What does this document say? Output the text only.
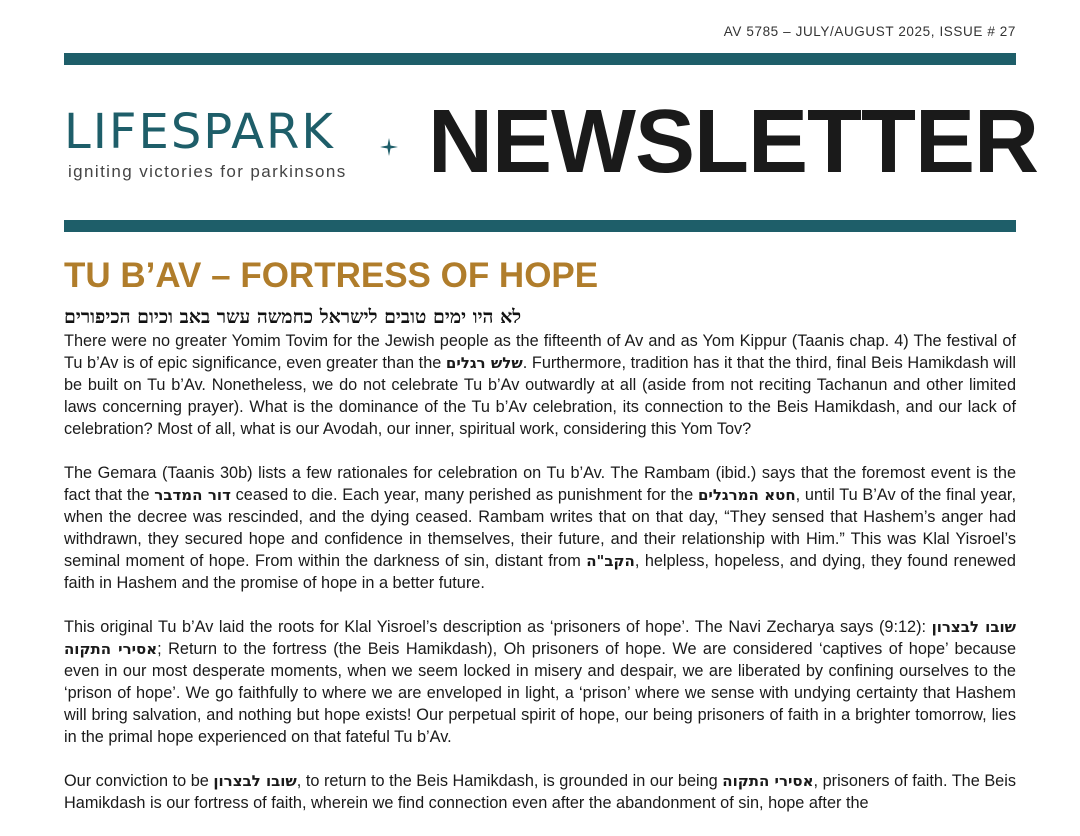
AV 5785 – JULY/AUGUST 2025, ISSUE # 27
LIFESPARK
igniting victories for parkinsons NEWSLETTER
TU B’AV – FORTRESS OF HOPE
לא היו ימים טובים לישראל כחמשה עשר באב וכיום הכיפורים

There were no greater Yomim Tovim for the Jewish people as the fifteenth of Av and as Yom Kippur (Taanis chap. 4) The festival of Tu b’Av is of epic significance, even greater than the שלש רגלים. Furthermore, tradition has it that the third, final Beis Hamikdash will be built on Tu b’Av. Nonetheless, we do not celebrate Tu b’Av outwardly at all (aside from not reciting Tachanun and other limited laws concerning prayer). What is the dominance of the Tu b’Av celebration, its connection to the Beis Hamikdash, and our lack of celebration? Most of all, what is our Avodah, our inner, spiritual work, considering this Yom Tov?

The Gemara (Taanis 30b) lists a few rationales for celebration on Tu b’Av. The Rambam (ibid.) says that the foremost event is the fact that the דור המדבר ceased to die. Each year, many perished as punishment for the חטא המרגלים, until Tu B’Av of the final year, when the decree was rescinded, and the dying ceased. Rambam writes that on that day, “They sensed that Hashem’s anger had withdrawn, they secured hope and confidence in themselves, their future, and their relationship with Him.” This was Klal Yisroel’s seminal moment of hope. From within the darkness of sin, distant from הקב"ה, helpless, hopeless, and dying, they found renewed faith in Hashem and the promise of hope in a better future.

This original Tu b’Av laid the roots for Klal Yisroel’s description as ‘prisoners of hope’. The Navi Zecharya says (9:12): שובו לבצרון אסירי התקוה; Return to the fortress (the Beis Hamikdash), Oh prisoners of hope. We are considered ‘captives of hope’ because even in our most desperate moments, when we seem locked in misery and despair, we are liberated by confining ourselves to the ‘prison of hope’. We go faithfully to where we are enveloped in light, a ‘prison’ where we sense with undying certainty that Hashem will bring salvation, and nothing but hope exists! Our perpetual spirit of hope, our being prisoners of faith in a brighter tomorrow, lies in the primal hope experienced on that fateful Tu b’Av.

Our conviction to be שובו לבצרון, to return to the Beis Hamikdash, is grounded in our being אסירי התקוה, prisoners of faith. The Beis Hamikdash is our fortress of faith, wherein we find connection even after the abandonment of sin, hope after the
